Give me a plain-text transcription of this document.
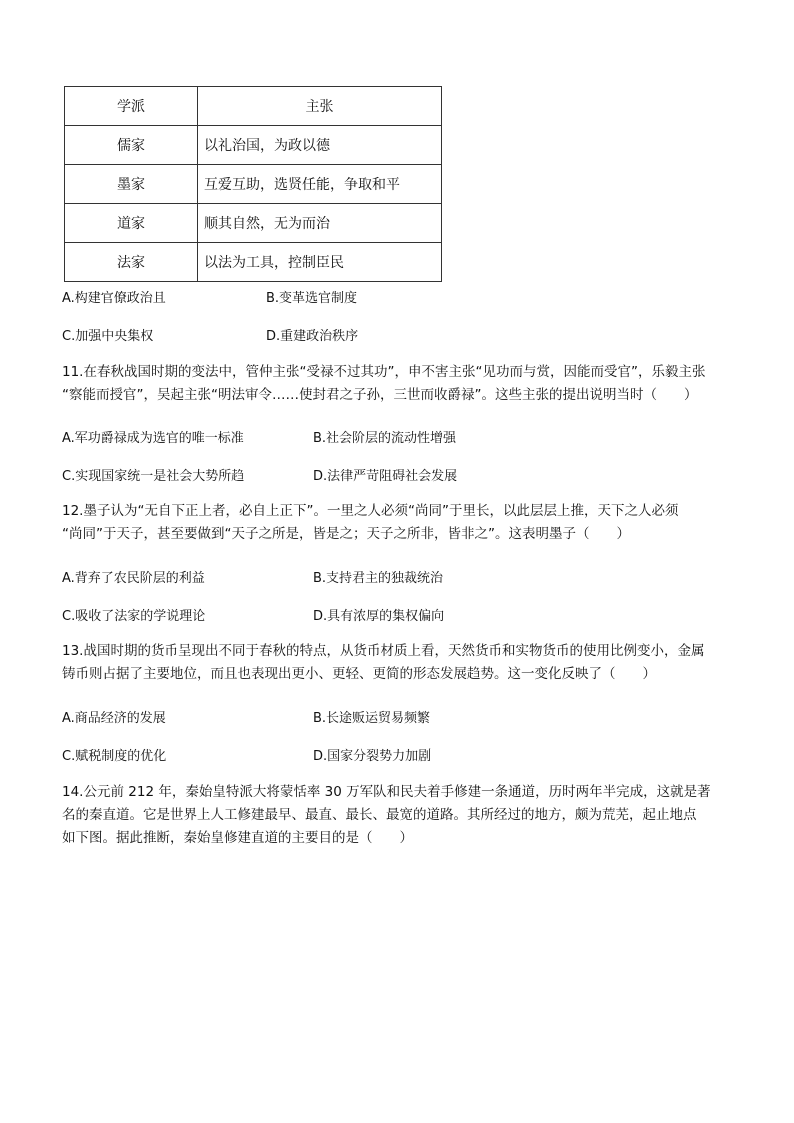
学派	主张
儒家	以礼治国，为政以德
墨家	互爱互助，选贤任能，争取和平
道家	顺其自然，无为而治
法家	以法为工具，控制臣民
A.构建官僚政治且	B.变革选官制度
C.加强中央集权	D.重建政治秩序

11.在春秋战国时期的变法中，管仲主张“受禄不过其功”，申不害主张“见功而与赏，因能而受官”，乐毅主张

“察能而授官”，吴起主张“明法审令……使封君之子孙，三世而收爵禄”。这些主张的提出说明当时（　　）

A.军功爵禄成为选官的唯一标准	B.社会阶层的流动性增强
C.实现国家统一是社会大势所趋	D.法律严苛阻碍社会发展

12.墨子认为“无自下正上者，必自上正下”。一里之人必须“尚同”于里长，以此层层上推，天下之人必须

“尚同”于天子，甚至要做到“天子之所是，皆是之；天子之所非，皆非之”。这表明墨子（　　）

A.背弃了农民阶层的利益	B.支持君主的独裁统治
C.吸收了法家的学说理论	D.具有浓厚的集权偏向

13.战国时期的货币呈现出不同于春秋的特点，从货币材质上看，天然货币和实物货币的使用比例变小，金属

铸币则占据了主要地位，而且也表现出更小、更轻、更简的形态发展趋势。这一变化反映了（　　）

A.商品经济的发展	B.长途贩运贸易频繁
C.赋税制度的优化	D.国家分裂势力加剧

14.公元前 212 年，秦始皇特派大将蒙恬率 30 万军队和民夫着手修建一条通道，历时两年半完成，这就是著

名的秦直道。它是世界上人工修建最早、最直、最长、最宽的道路。其所经过的地方，颇为荒芜，起止地点

如下图。据此推断，秦始皇修建直道的主要目的是（　　）
